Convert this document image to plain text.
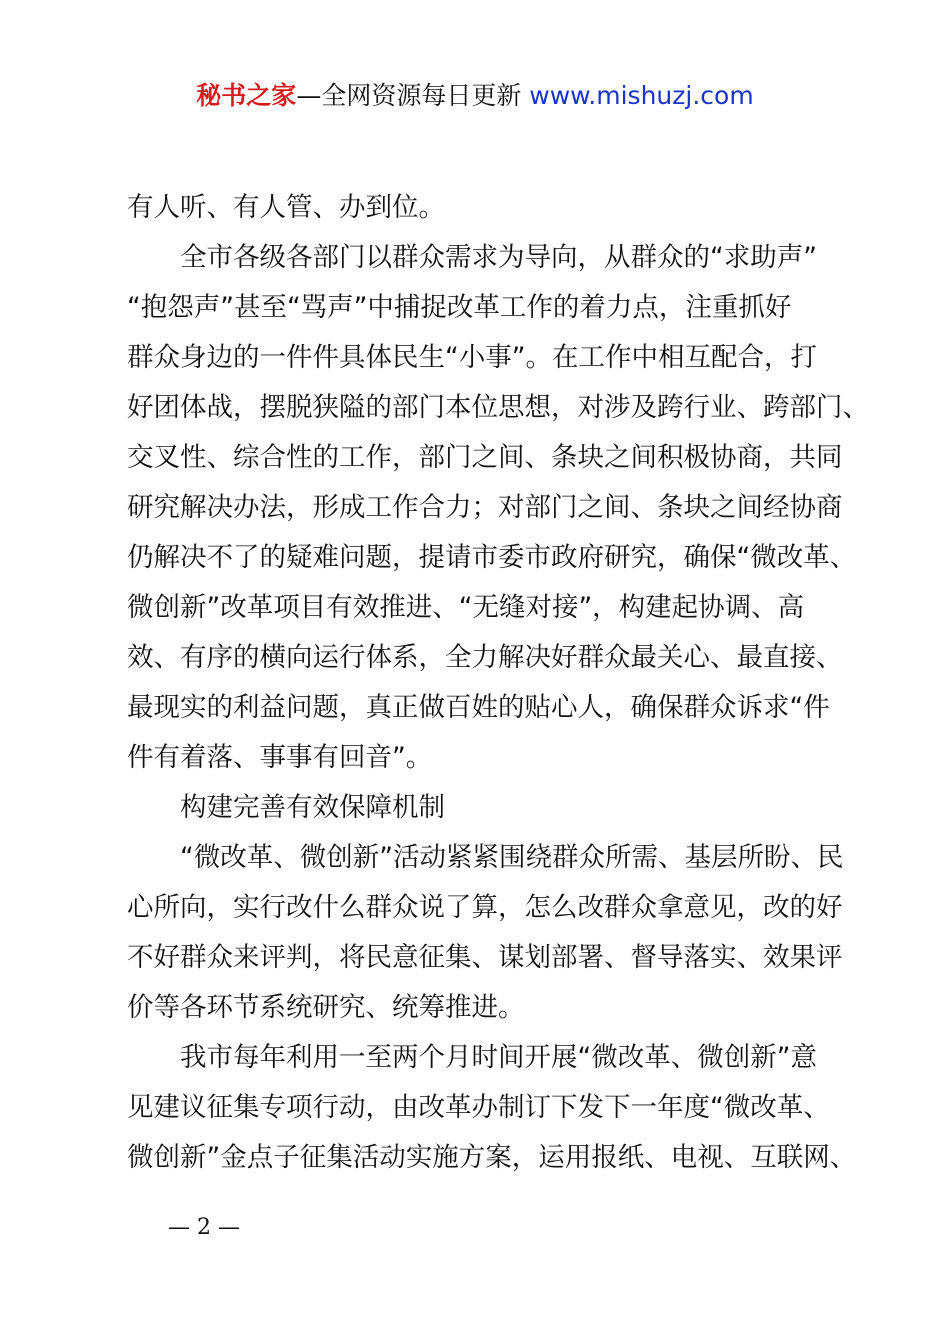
秘书之家—全网资源每日更新 www.mishuzj.com
有人听、有人管、办到位。
　　全市各级各部门以群众需求为导向，从群众的“求助声”
“抱怨声”甚至“骂声”中捕捉改革工作的着力点，注重抓好
群众身边的一件件具体民生“小事”。在工作中相互配合，打
好团体战，摆脱狭隘的部门本位思想，对涉及跨行业、跨部门、
交叉性、综合性的工作，部门之间、条块之间积极协商，共同
研究解决办法，形成工作合力；对部门之间、条块之间经协商
仍解决不了的疑难问题，提请市委市政府研究，确保“微改革、
微创新”改革项目有效推进、“无缝对接”，构建起协调、高
效、有序的横向运行体系，全力解决好群众最关心、最直接、
最现实的利益问题，真正做百姓的贴心人，确保群众诉求“件
件有着落、事事有回音”。
　　构建完善有效保障机制
　　“微改革、微创新”活动紧紧围绕群众所需、基层所盼、民
心所向，实行改什么群众说了算，怎么改群众拿意见，改的好
不好群众来评判，将民意征集、谋划部署、督导落实、效果评
价等各环节系统研究、统筹推进。
　　我市每年利用一至两个月时间开展“微改革、微创新”意
见建议征集专项行动，由改革办制订下发下一年度“微改革、
微创新”金点子征集活动实施方案，运用报纸、电视、互联网、
— 2 —
